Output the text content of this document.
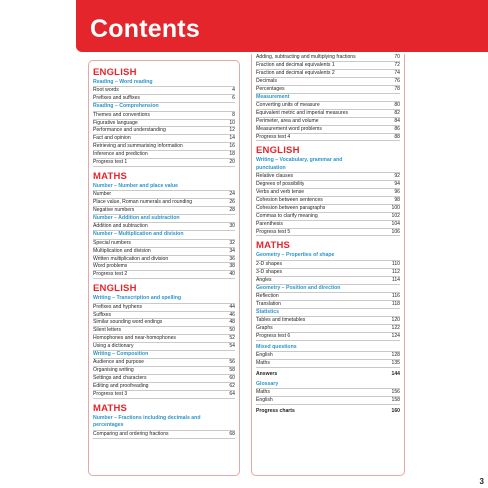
Contents
ENGLISH
Reading – Word reading
Root words	4
Prefixes and suffixes	6
Reading – Comprehension
Themes and conventions	8
Figurative language	10
Performance and understanding	12
Fact and opinion	14
Retrieving and summarising information	16
Inference and prediction	18
Progress test 1	20
MATHS
Number – Number and place value
Number	24
Place value, Roman numerals and rounding	26
Negative numbers	28
Number – Addition and subtraction
Addition and subtraction	30
Number – Multiplication and division
Special numbers	32
Multiplication and division	34
Written multiplication and division	36
Word problems	38
Progress test 2	40
ENGLISH
Writing – Transcription and spelling
Prefixes and hyphens	44
Suffixes	46
Similar sounding word endings	48
Silent letters	50
Homophones and near-homophones	52
Using a dictionary	54
Writing – Composition
Audience and purpose	56
Organising writing	58
Settings and characters	60
Editing and proofreading	62
Progress test 3	64
MATHS
Number – Fractions including decimals and
percentages
Comparing and ordering fractions	68
Adding, subtracting and multiplying fractions	70
Fraction and decimal equivalents 1	72
Fraction and decimal equivalents 2	74
Decimals	76
Percentages	78
Measurement
Converting units of measure	80
Equivalent metric and imperial measures	82
Perimeter, area and volume	84
Measurement word problems	86
Progress test 4	88
ENGLISH
Writing – Vocabulary, grammar and
punctuation
Relative clauses	92
Degrees of possibility	94
Verbs and verb tense	96
Cohesion between sentences	98
Cohesion between paragraphs	100
Commas to clarify meaning	102
Parenthesis	104
Progress test 5	106
MATHS
Geometry – Properties of shape
2-D shapes	110
3-D shapes	112
Angles	114
Geometry – Position and direction
Reflection	116
Translation	118
Statistics
Tables and timetables	120
Graphs	122
Progress test 6	124
Mixed questions
English	128
Maths	135
Answers	144
Glossary
Maths	156
English	158
Progress charts	160
3
